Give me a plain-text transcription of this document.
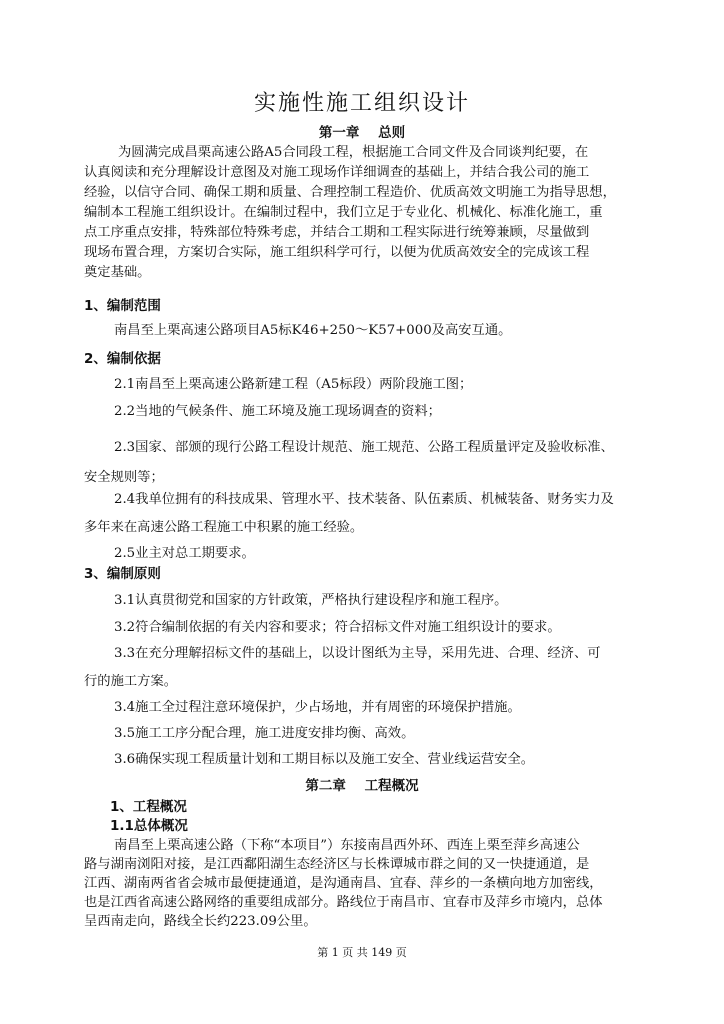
实施性施工组织设计
第一章    总则
为圆满完成昌栗高速公路A5合同段工程，根据施工合同文件及合同谈判纪要，在
认真阅读和充分理解设计意图及对施工现场作详细调查的基础上，并结合我公司的施工
经验，以信守合同、确保工期和质量、合理控制工程造价、优质高效文明施工为指导思想，
编制本工程施工组织设计。在编制过程中，我们立足于专业化、机械化、标准化施工，重
点工序重点安排，特殊部位特殊考虑，并结合工期和工程实际进行统筹兼顾，尽量做到
现场布置合理，方案切合实际，施工组织科学可行，以便为优质高效安全的完成该工程
奠定基础。
1、编制范围
南昌至上栗高速公路项目A5标K46+250～K57+000及高安互通。
2、编制依据
2.1南昌至上栗高速公路新建工程（A5标段）两阶段施工图；
2.2当地的气候条件、施工环境及施工现场调查的资料；
2.3国家、部颁的现行公路工程设计规范、施工规范、公路工程质量评定及验收标准、
安全规则等；
2.4我单位拥有的科技成果、管理水平、技术装备、队伍素质、机械装备、财务实力及
多年来在高速公路工程施工中积累的施工经验。
2.5业主对总工期要求。
3、编制原则
3.1认真贯彻党和国家的方针政策，严格执行建设程序和施工程序。
3.2符合编制依据的有关内容和要求；符合招标文件对施工组织设计的要求。
3.3在充分理解招标文件的基础上，以设计图纸为主导，采用先进、合理、经济、可
行的施工方案。
3.4施工全过程注意环境保护，少占场地，并有周密的环境保护措施。
3.5施工工序分配合理，施工进度安排均衡、高效。
3.6确保实现工程质量计划和工期目标以及施工安全、营业线运营安全。
第二章    工程概况
1、工程概况
1.1总体概况
南昌至上栗高速公路（下称“本项目”）东接南昌西外环、西连上栗至萍乡高速公
路与湖南浏阳对接，是江西鄱阳湖生态经济区与长株谭城市群之间的又一快捷通道，是
江西、湖南两省省会城市最便捷通道，是沟通南昌、宜春、萍乡的一条横向地方加密线，
也是江西省高速公路网络的重要组成部分。路线位于南昌市、宜春市及萍乡市境内，总体
呈西南走向，路线全长约223.09公里。
第 1 页 共 149 页
